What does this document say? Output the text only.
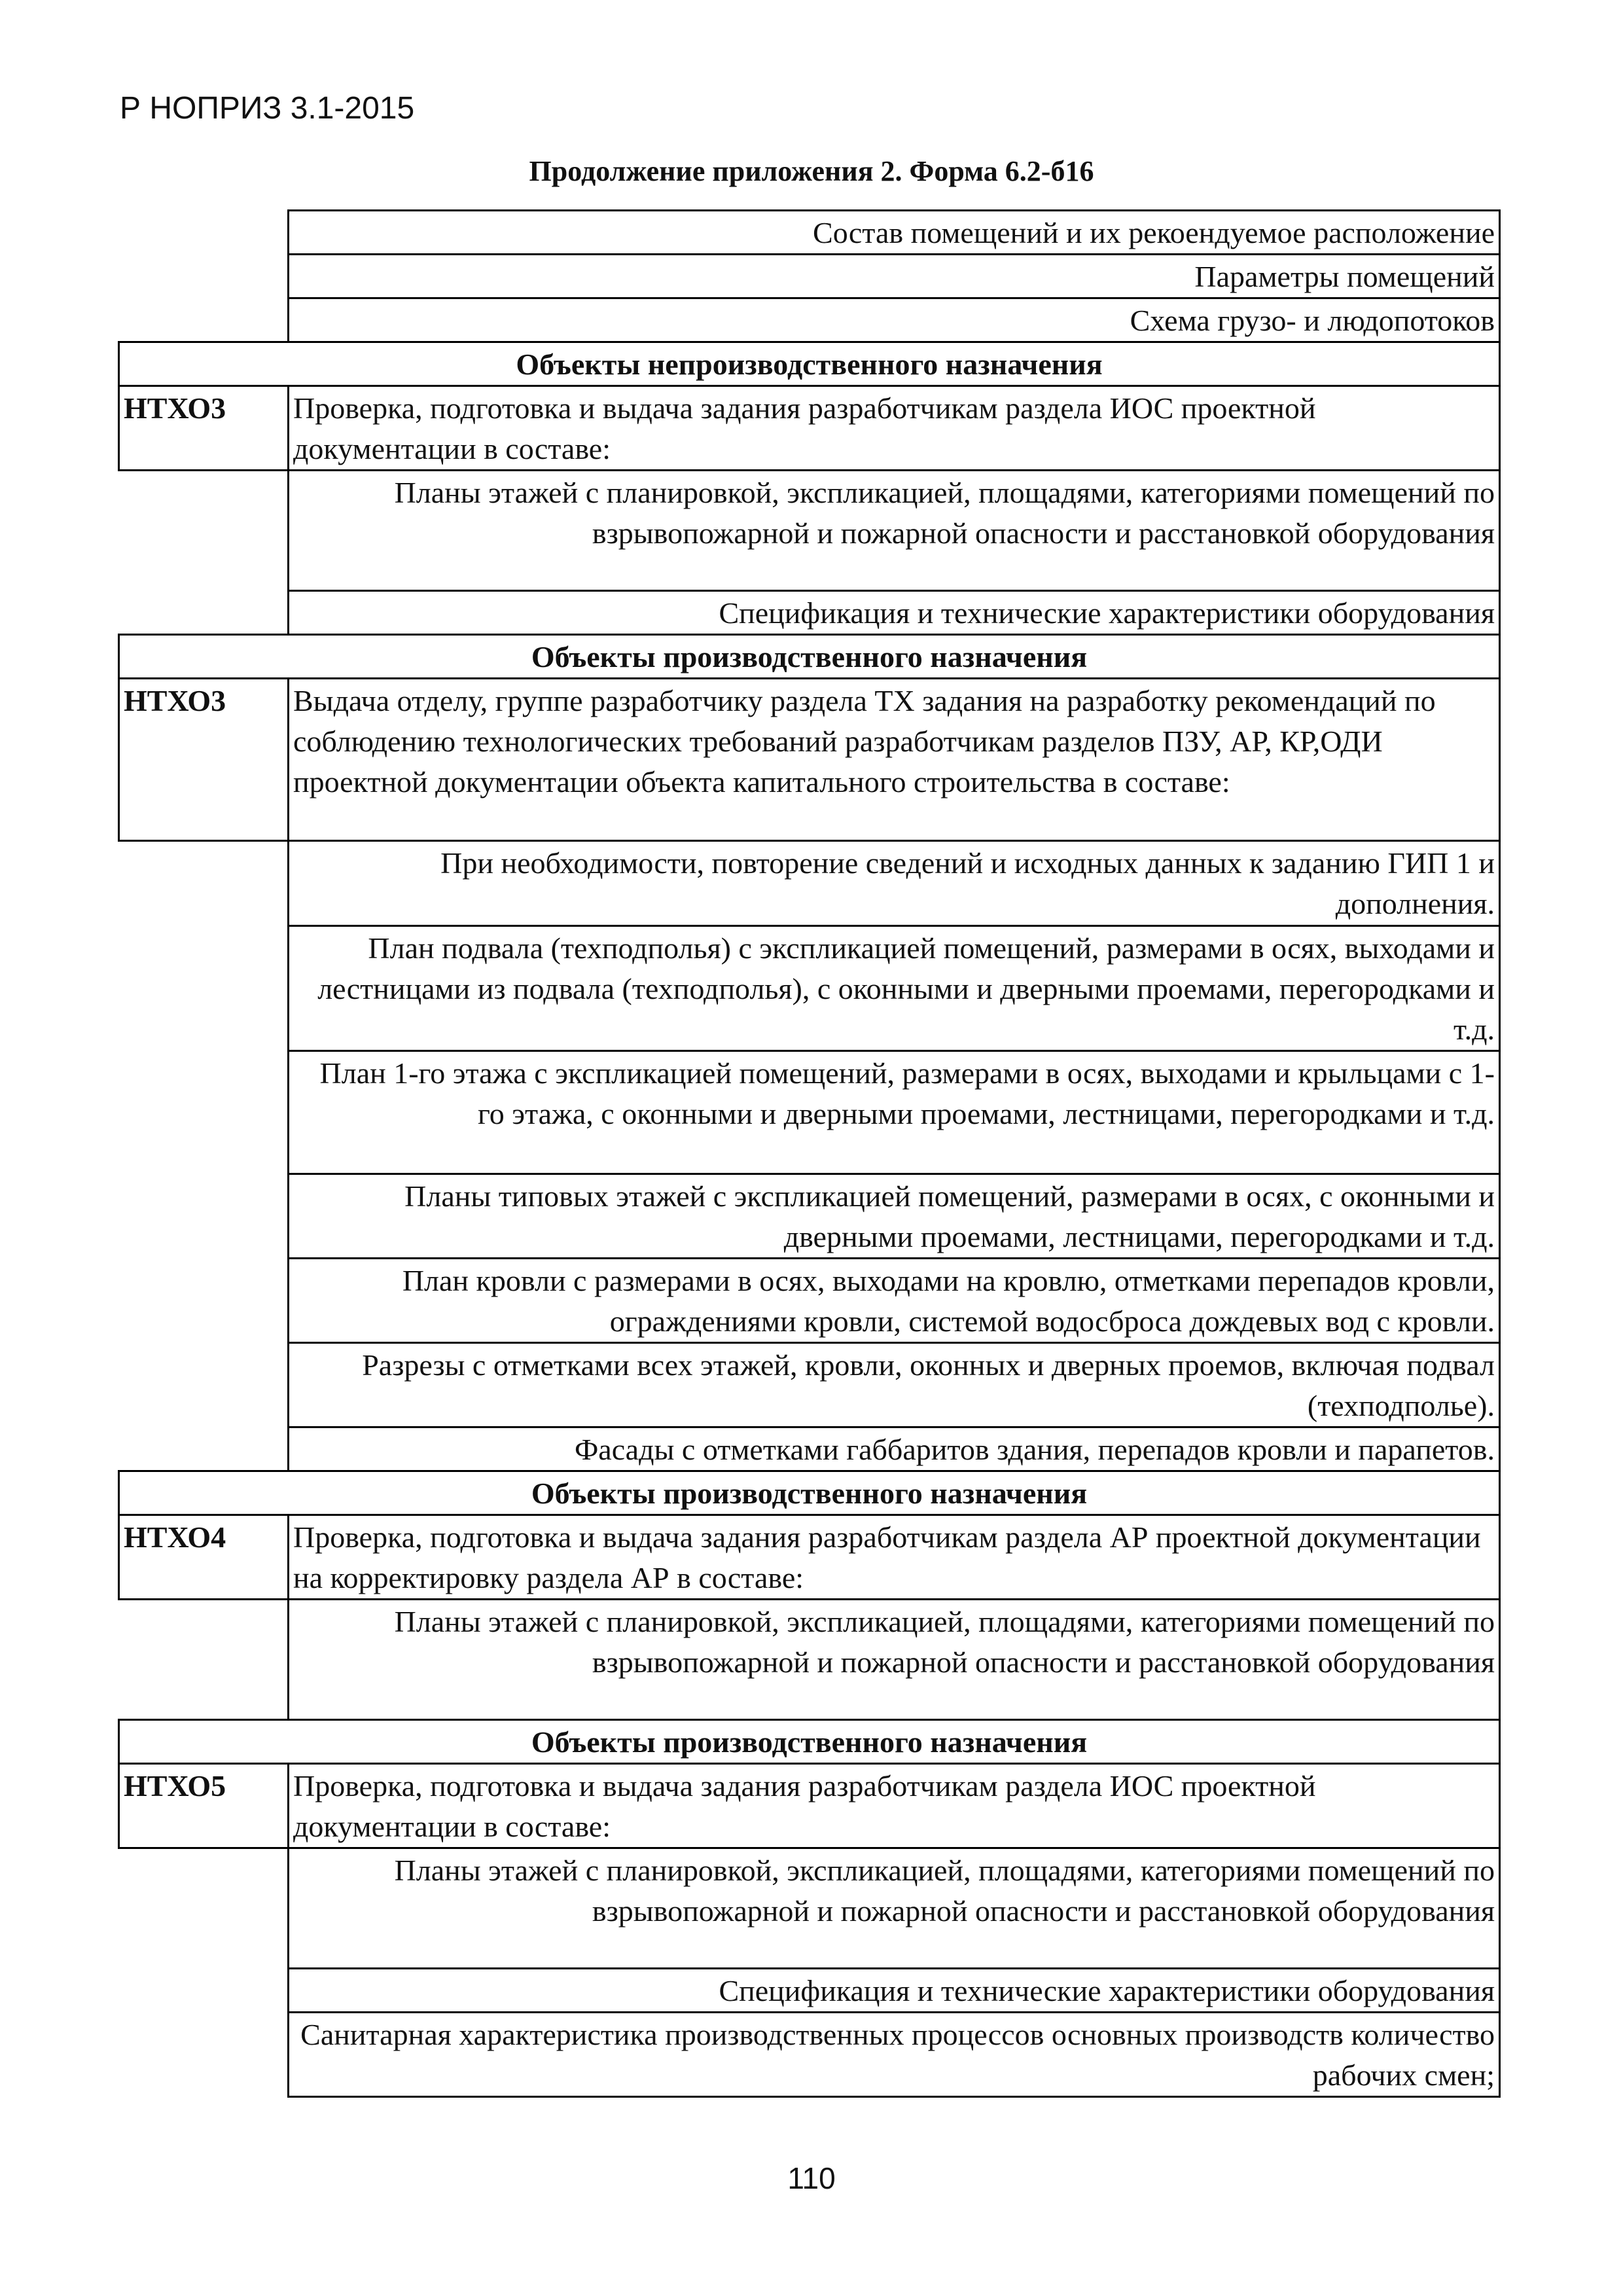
Р НОПРИЗ 3.1-2015
Продолжение приложения 2. Форма 6.2-б16
	Состав помещений и их рекоендуемое расположение
	Параметры помещений
	Схема грузо- и людопотоков
Объекты непроизводственного назначения	
НТХО3	Проверка, подготовка и выдача задания разработчикам раздела ИОС проектной документации в составе:
	Планы этажей с планировкой, экспликацией, площадями, категориями помещений по взрывопожарной и пожарной опасности и расстановкой оборудования
	Спецификация и технические характеристики оборудования
Объекты производственного назначения	
НТХО3	Выдача отделу, группе разработчику раздела ТХ задания на разработку рекомендаций по соблюдению технологических требований разработчикам разделов ПЗУ, АР, КР,ОДИ проектной документации объекта капитального строительства в составе:
	При необходимости, повторение сведений и исходных данных к заданию ГИП 1 и дополнения.
	План подвала (техподполья) с экспликацией помещений, размерами в осях, выходами и лестницами из подвала (техподполья), с оконными и дверными проемами, перегородками и т.д.
	План 1-го этажа с экспликацией помещений, размерами в осях, выходами и крыльцами с 1-го этажа, с оконными и дверными проемами, лестницами, перегородками и т.д.
	Планы типовых этажей с экспликацией помещений, размерами в осях, с оконными и дверными проемами, лестницами, перегородками и т.д.
	План кровли с размерами в осях, выходами на кровлю, отметками перепадов кровли, ограждениями кровли, системой водосброса дождевых вод с кровли.
	Разрезы с отметками всех этажей, кровли, оконных и дверных проемов, включая подвал (техподполье).
	Фасады с отметками габбаритов здания, перепадов кровли и парапетов.
Объекты производственного назначения	
НТХО4	Проверка, подготовка и выдача задания разработчикам раздела АР проектной документации на корректировку раздела АР в составе:
	Планы этажей с планировкой, экспликацией, площадями, категориями помещений по взрывопожарной и пожарной опасности и расстановкой оборудования
Объекты производственного назначения	
НТХО5	Проверка, подготовка и выдача задания разработчикам раздела ИОС проектной документации в составе:
	Планы этажей с планировкой, экспликацией, площадями, категориями помещений по взрывопожарной и пожарной опасности и расстановкой оборудования
	Спецификация и технические характеристики оборудования
	Санитарная характеристика производственных процессов основных производств количество рабочих смен;
110
